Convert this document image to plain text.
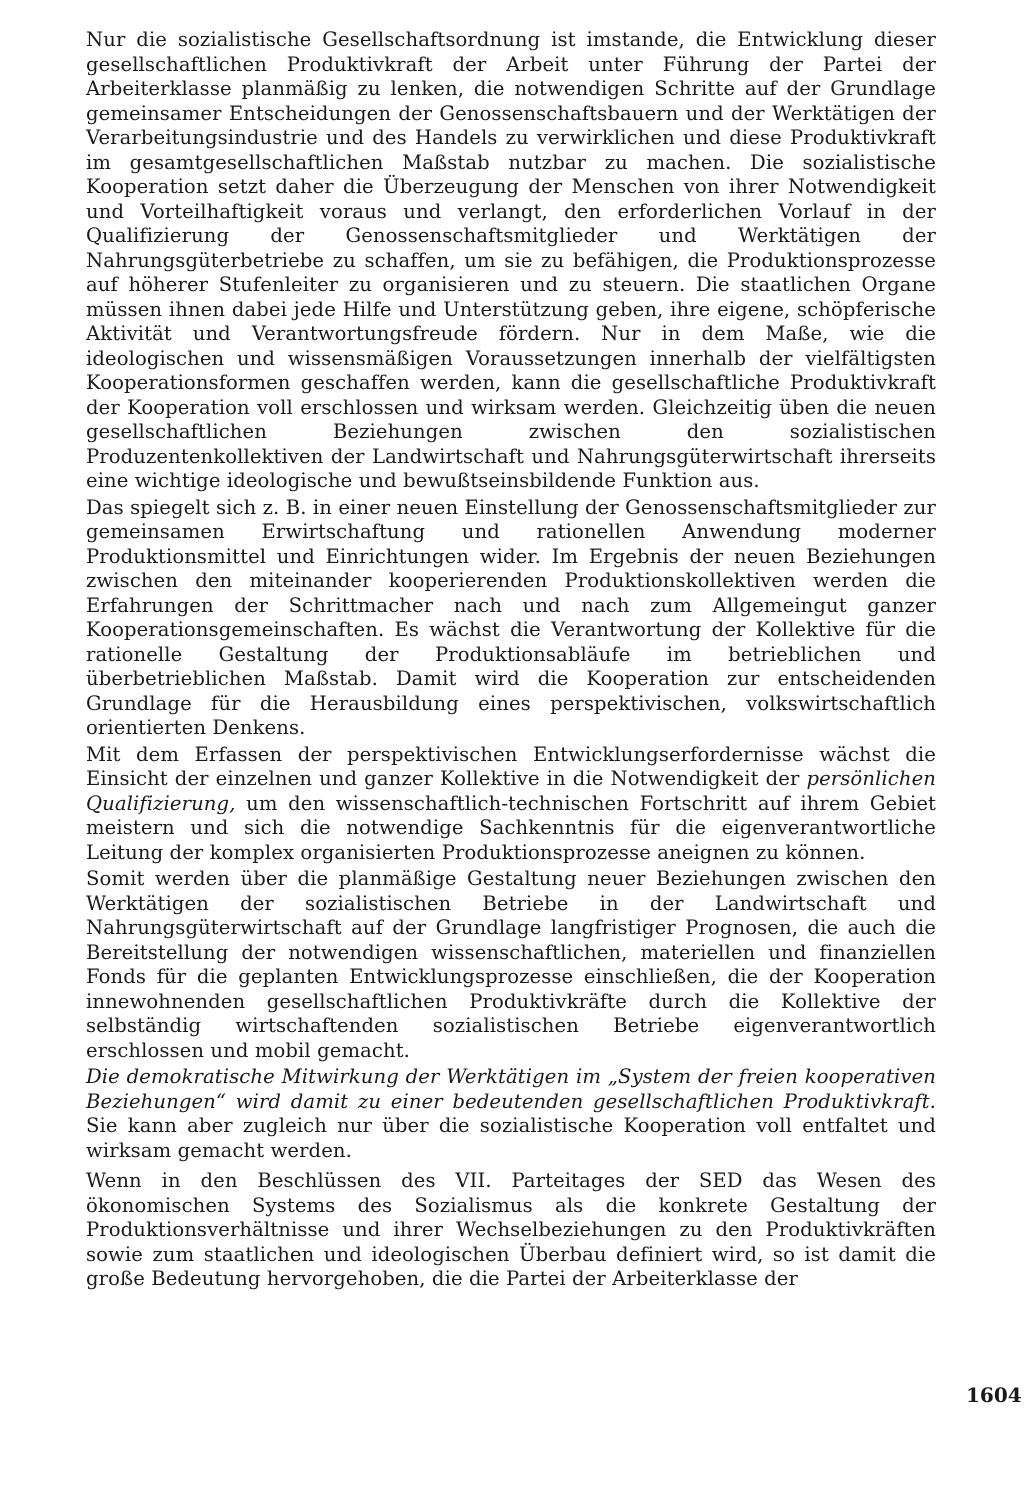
Nur die sozialistische Gesellschaftsordnung ist imstande, die Entwicklung dieser gesellschaftlichen Produktivkraft der Arbeit unter Führung der Partei der Arbeiterklasse planmäßig zu lenken, die notwendigen Schritte auf der Grundlage gemeinsamer Entscheidungen der Genossenschaftsbauern und der Werktätigen der Verarbeitungsindustrie und des Handels zu verwirklichen und diese Produktivkraft im gesamtgesellschaftlichen Maßstab nutzbar zu machen. Die sozialistische Kooperation setzt daher die Überzeugung der Menschen von ihrer Notwendigkeit und Vorteilhaftigkeit voraus und verlangt, den erforderlichen Vorlauf in der Qualifizierung der Genossenschaftsmitglieder und Werktätigen der Nahrungsgüterbetriebe zu schaffen, um sie zu befähigen, die Produktionsprozesse auf höherer Stufenleiter zu organisieren und zu steuern. Die staatlichen Organe müssen ihnen dabei jede Hilfe und Unterstützung geben, ihre eigene, schöpferische Aktivität und Verantwortungsfreude fördern. Nur in dem Maße, wie die ideologischen und wissensmäßigen Voraussetzungen innerhalb der vielfältigsten Kooperationsformen geschaffen werden, kann die gesellschaftliche Produktivkraft der Kooperation voll erschlossen und wirksam werden. Gleichzeitig üben die neuen gesellschaftlichen Beziehungen zwischen den sozialistischen Produzentenkollektiven der Landwirtschaft und Nahrungsgüterwirtschaft ihrerseits eine wichtige ideologische und bewußtseinsbildende Funktion aus.

Das spiegelt sich z. B. in einer neuen Einstellung der Genossenschaftsmitglieder zur gemeinsamen Erwirtschaftung und rationellen Anwendung moderner Produktionsmittel und Einrichtungen wider. Im Ergebnis der neuen Beziehungen zwischen den miteinander kooperierenden Produktionskollektiven werden die Erfahrungen der Schrittmacher nach und nach zum Allgemeingut ganzer Kooperationsgemeinschaften. Es wächst die Verantwortung der Kollektive für die rationelle Gestaltung der Produktionsabläufe im betrieblichen und überbetrieblichen Maßstab. Damit wird die Kooperation zur entscheidenden Grundlage für die Herausbildung eines perspektivischen, volkswirtschaftlich orientierten Denkens.

Mit dem Erfassen der perspektivischen Entwicklungserfordernisse wächst die Einsicht der einzelnen und ganzer Kollektive in die Notwendigkeit der persönlichen Qualifizierung, um den wissenschaftlich-technischen Fortschritt auf ihrem Gebiet meistern und sich die notwendige Sachkenntnis für die eigenverantwortliche Leitung der komplex organisierten Produktionsprozesse aneignen zu können.

Somit werden über die planmäßige Gestaltung neuer Beziehungen zwischen den Werktätigen der sozialistischen Betriebe in der Landwirtschaft und Nahrungsgüterwirtschaft auf der Grundlage langfristiger Prognosen, die auch die Bereitstellung der notwendigen wissenschaftlichen, materiellen und finanziellen Fonds für die geplanten Entwicklungsprozesse einschließen, die der Kooperation innewohnenden gesellschaftlichen Produktivkräfte durch die Kollektive der selbständig wirtschaftenden sozialistischen Betriebe eigenverantwortlich erschlossen und mobil gemacht.

Die demokratische Mitwirkung der Werktätigen im „System der freien kooperativen Beziehungen“ wird damit zu einer bedeutenden gesellschaftlichen Produktivkraft. Sie kann aber zugleich nur über die sozialistische Kooperation voll entfaltet und wirksam gemacht werden.

Wenn in den Beschlüssen des VII. Parteitages der SED das Wesen des ökonomischen Systems des Sozialismus als die konkrete Gestaltung der Produktionsverhältnisse und ihrer Wechselbeziehungen zu den Produktivkräften sowie zum staatlichen und ideologischen Überbau definiert wird, so ist damit die große Bedeutung hervorgehoben, die die Partei der Arbeiterklasse der

1604
